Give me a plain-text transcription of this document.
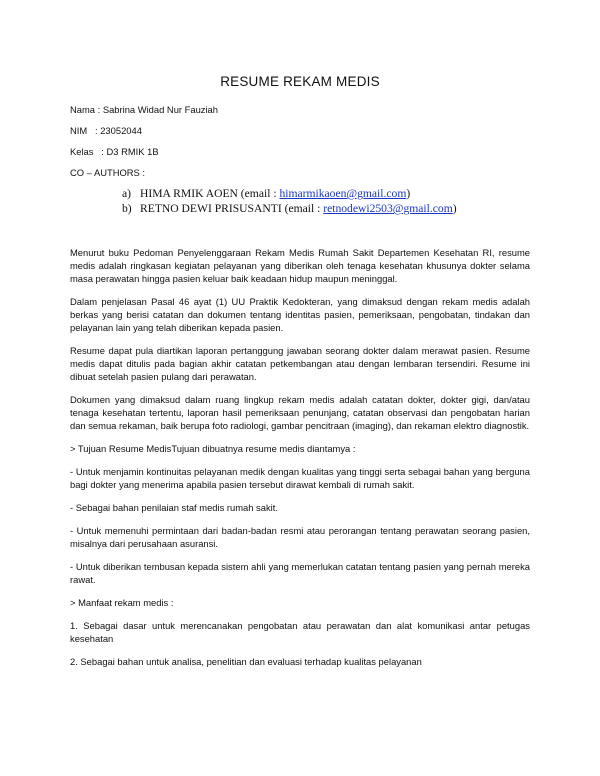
RESUME REKAM MEDIS
Nama : Sabrina Widad Nur Fauziah
NIM   : 23052044
Kelas   : D3 RMIK 1B
CO – AUTHORS :
a) HIMA RMIK AOEN (email : himarmikaoen@gmail.com)
b) RETNO DEWI PRISUSANTI (email : retnodewi2503@gmail.com)

Menurut buku Pedoman Penyelenggaraan Rekam Medis Rumah Sakit Departemen Kesehatan RI, resume medis adalah ringkasan kegiatan pelayanan yang diberikan oleh tenaga kesehatan khusunya dokter selama masa perawatan hingga pasien keluar baik keadaan hidup maupun meninggal.

Dalam penjelasan Pasal 46 ayat (1) UU Praktik Kedokteran, yang dimaksud dengan rekam medis adalah berkas yang berisi catatan dan dokumen tentang identitas pasien, pemeriksaan, pengobatan, tindakan dan pelayanan lain yang telah diberikan kepada pasien.

Resume dapat pula diartikan laporan pertanggung jawaban seorang dokter dalam merawat pasien. Resume medis dapat ditulis pada bagian akhir catatan petkembangan atau dengan lembaran tersendiri. Resume ini dibuat setelah pasien pulang dari perawatan.

Dokumen yang dimaksud dalam ruang lingkup rekam medis adalah catatan dokter, dokter gigi, dan/atau tenaga kesehatan tertentu, laporan hasil pemeriksaan penunjang, catatan observasi dan pengobatan harian dan semua rekaman, baik berupa foto radiologi, gambar pencitraan (imaging), dan rekaman elektro diagnostik.

> Tujuan Resume MedisTujuan dibuatnya resume medis diantamya :

- Untuk menjamin kontinuitas pelayanan medik dengan kualitas yang tinggi serta sebagai bahan yang berguna bagi dokter yang menerima apabila pasien tersebut dirawat kembali di rumah sakit.

- Sebagai bahan penilaian staf medis rumah sakit.

- Untuk memenuhi permintaan dari badan-badan resmi atau perorangan tentang perawatan seorang pasien, misalnya dari perusahaan asuransi.

- Untuk diberikan tembusan kepada sistem ahli yang memerlukan catatan tentang pasien yang pernah mereka rawat.

> Manfaat rekam medis :

1. Sebagai dasar untuk merencanakan pengobatan atau perawatan dan alat komunikasi antar petugas kesehatan

2. Sebagai bahan untuk analisa, penelitian dan evaluasi terhadap kualitas pelayanan
